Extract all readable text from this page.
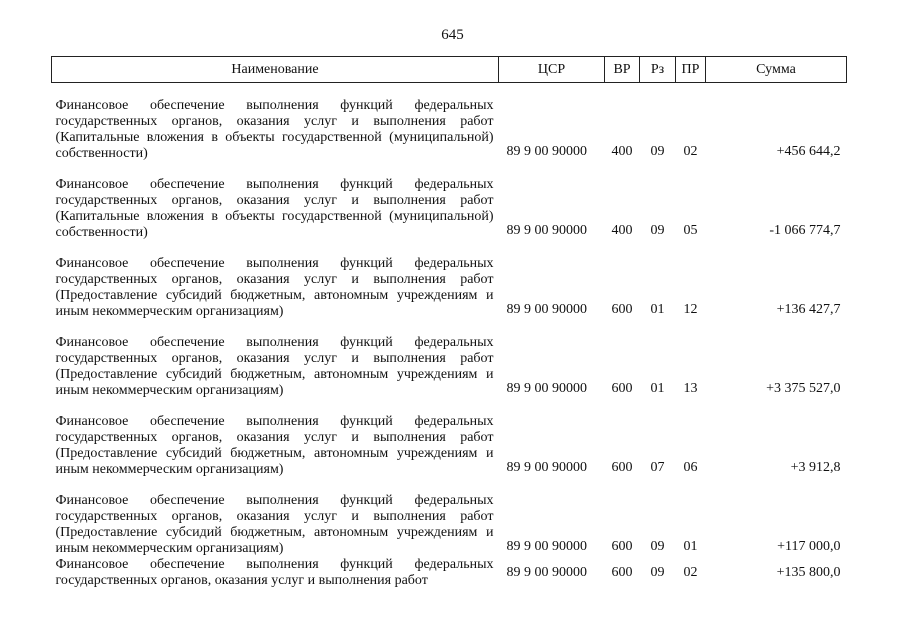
645
Наименование	ЦСР	ВР	Рз	ПР	Сумма

Финансовое обеспечение выполнения функций федеральных государственных органов, оказания услуг и выполнения работ (Капитальные вложения в объекты государственной (муниципальной) собственности)	89 9 00 90000	400	09	02	+456 644,2

Финансовое обеспечение выполнения функций федеральных государственных органов, оказания услуг и выполнения работ (Капитальные вложения в объекты государственной (муниципальной) собственности)	89 9 00 90000	400	09	05	-1 066 774,7

Финансовое обеспечение выполнения функций федеральных государственных органов, оказания услуг и выполнения работ (Предоставление субсидий бюджетным, автономным учреждениям и иным некоммерческим организациям)	89 9 00 90000	600	01	12	+136 427,7

Финансовое обеспечение выполнения функций федеральных государственных органов, оказания услуг и выполнения работ (Предоставление субсидий бюджетным, автономным учреждениям и иным некоммерческим организациям)	89 9 00 90000	600	01	13	+3 375 527,0

Финансовое обеспечение выполнения функций федеральных государственных органов, оказания услуг и выполнения работ (Предоставление субсидий бюджетным, автономным учреждениям и иным некоммерческим организациям)	89 9 00 90000	600	07	06	+3 912,8

Финансовое обеспечение выполнения функций федеральных государственных органов, оказания услуг и выполнения работ (Предоставление субсидий бюджетным, автономным учреждениям и иным некоммерческим организациям)	89 9 00 90000	600	09	01	+117 000,0

Финансовое обеспечение выполнения функций федеральных государственных органов, оказания услуг и выполнения работ	89 9 00 90000	600	09	02	+135 800,0
